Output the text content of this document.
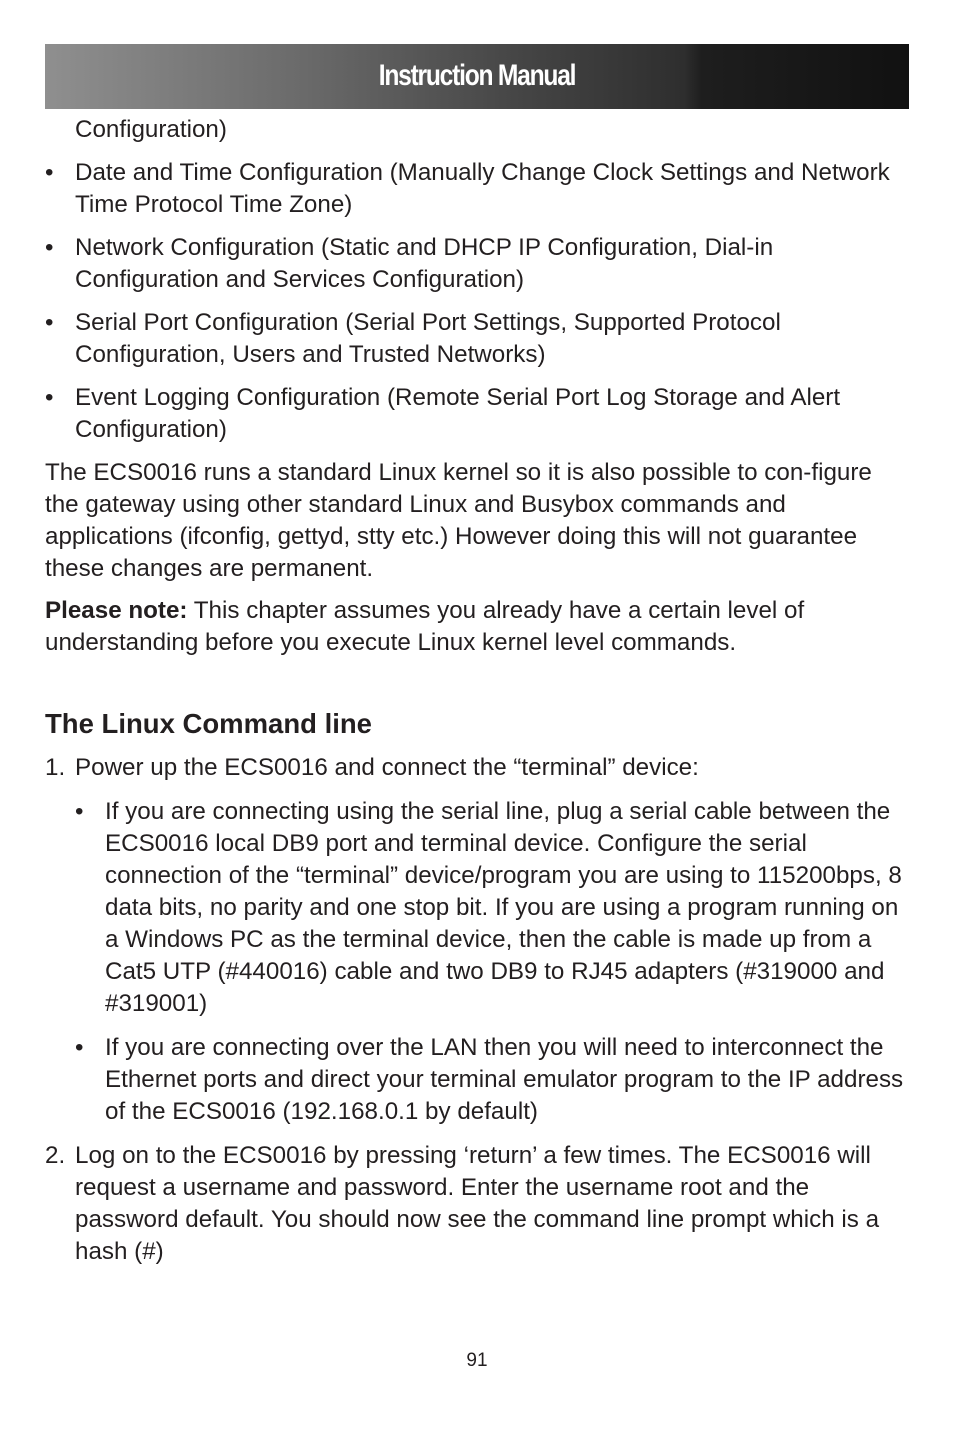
Instruction Manual

Configuration)

• Date and Time Configuration (Manually Change Clock Settings and Network Time Protocol Time Zone)
• Network Configuration (Static and DHCP IP Configuration, Dial-in Configuration and Services Configuration)
• Serial Port Configuration (Serial Port Settings, Supported Protocol Configuration, Users and Trusted Networks)
• Event Logging Configuration (Remote Serial Port Log Storage and Alert Configuration)

The ECS0016 runs a standard Linux kernel so it is also possible to con-figure the gateway using other standard Linux and Busybox commands and applications (ifconfig, gettyd, stty etc.) However doing this will not guarantee these changes are permanent.

Please note: This chapter assumes you already have a certain level of understanding before you execute Linux kernel level commands.

The Linux Command line
1. Power up the ECS0016 and connect the “terminal” device:
• If you are connecting using the serial line, plug a serial cable between the ECS0016 local DB9 port and terminal device. Configure the serial connection of the “terminal” device/program you are using to 115200bps, 8 data bits, no parity and one stop bit. If you are using a program running on a Windows PC as the terminal device, then the cable is made up from a Cat5 UTP (#440016) cable and two DB9 to RJ45 adapters (#319000 and #319001)
• If you are connecting over the LAN then you will need to interconnect the Ethernet ports and direct your terminal emulator program to the IP address of the ECS0016 (192.168.0.1 by default)
2. Log on to the ECS0016 by pressing ‘return’ a few times. The ECS0016 will request a username and password. Enter the username root and the password default. You should now see the command line prompt which is a hash (#)
91
